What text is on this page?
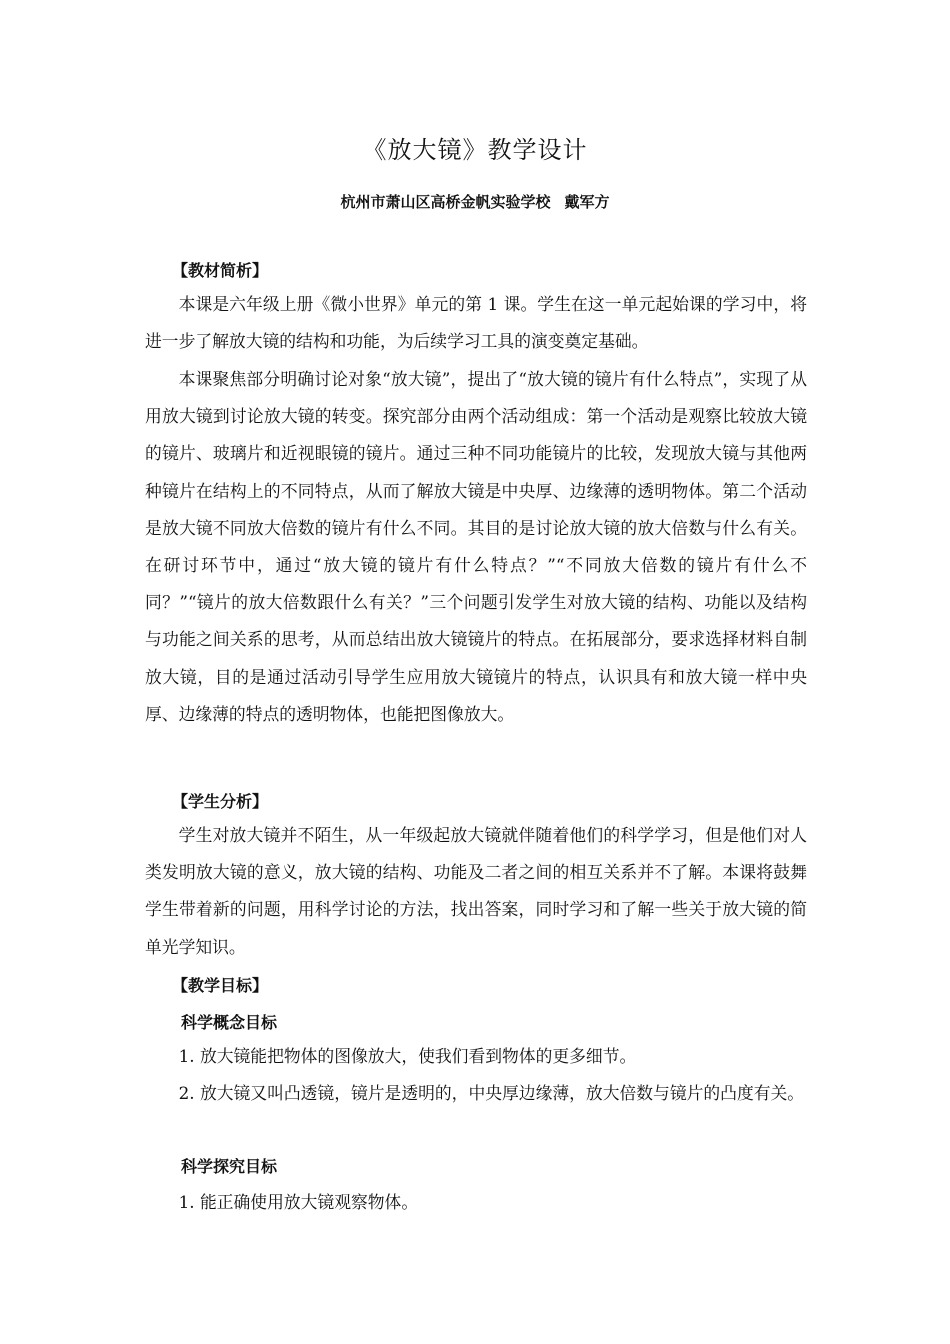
《放大镜》教学设计
杭州市萧山区高桥金帆实验学校 戴军方
【教材简析】

本课是六年级上册《微小世界》单元的第 1 课。学生在这一单元起始课的学习中，将进一步了解放大镜的结构和功能，为后续学习工具的演变奠定基础。

本课聚焦部分明确讨论对象“放大镜”，提出了“放大镜的镜片有什么特点”，实现了从用放大镜到讨论放大镜的转变。探究部分由两个活动组成：第一个活动是观察比较放大镜的镜片、玻璃片和近视眼镜的镜片。通过三种不同功能镜片的比较，发现放大镜与其他两种镜片在结构上的不同特点，从而了解放大镜是中央厚、边缘薄的透明物体。第二个活动是放大镜不同放大倍数的镜片有什么不同。其目的是讨论放大镜的放大倍数与什么有关。在研讨环节中，通过“放大镜的镜片有什么特点？”“不同放大倍数的镜片有什么不同？”“镜片的放大倍数跟什么有关？”三个问题引发学生对放大镜的结构、功能以及结构与功能之间关系的思考，从而总结出放大镜镜片的特点。在拓展部分，要求选择材料自制放大镜，目的是通过活动引导学生应用放大镜镜片的特点，认识具有和放大镜一样中央厚、边缘薄的特点的透明物体，也能把图像放大。

【学生分析】

学生对放大镜并不陌生，从一年级起放大镜就伴随着他们的科学学习，但是他们对人类发明放大镜的意义，放大镜的结构、功能及二者之间的相互关系并不了解。本课将鼓舞学生带着新的问题，用科学讨论的方法，找出答案，同时学习和了解一些关于放大镜的简单光学知识。

【教学目标】
科学概念目标

1. 放大镜能把物体的图像放大，使我们看到物体的更多细节。

2. 放大镜又叫凸透镜，镜片是透明的，中央厚边缘薄，放大倍数与镜片的凸度有关。

科学探究目标

1. 能正确使用放大镜观察物体。
